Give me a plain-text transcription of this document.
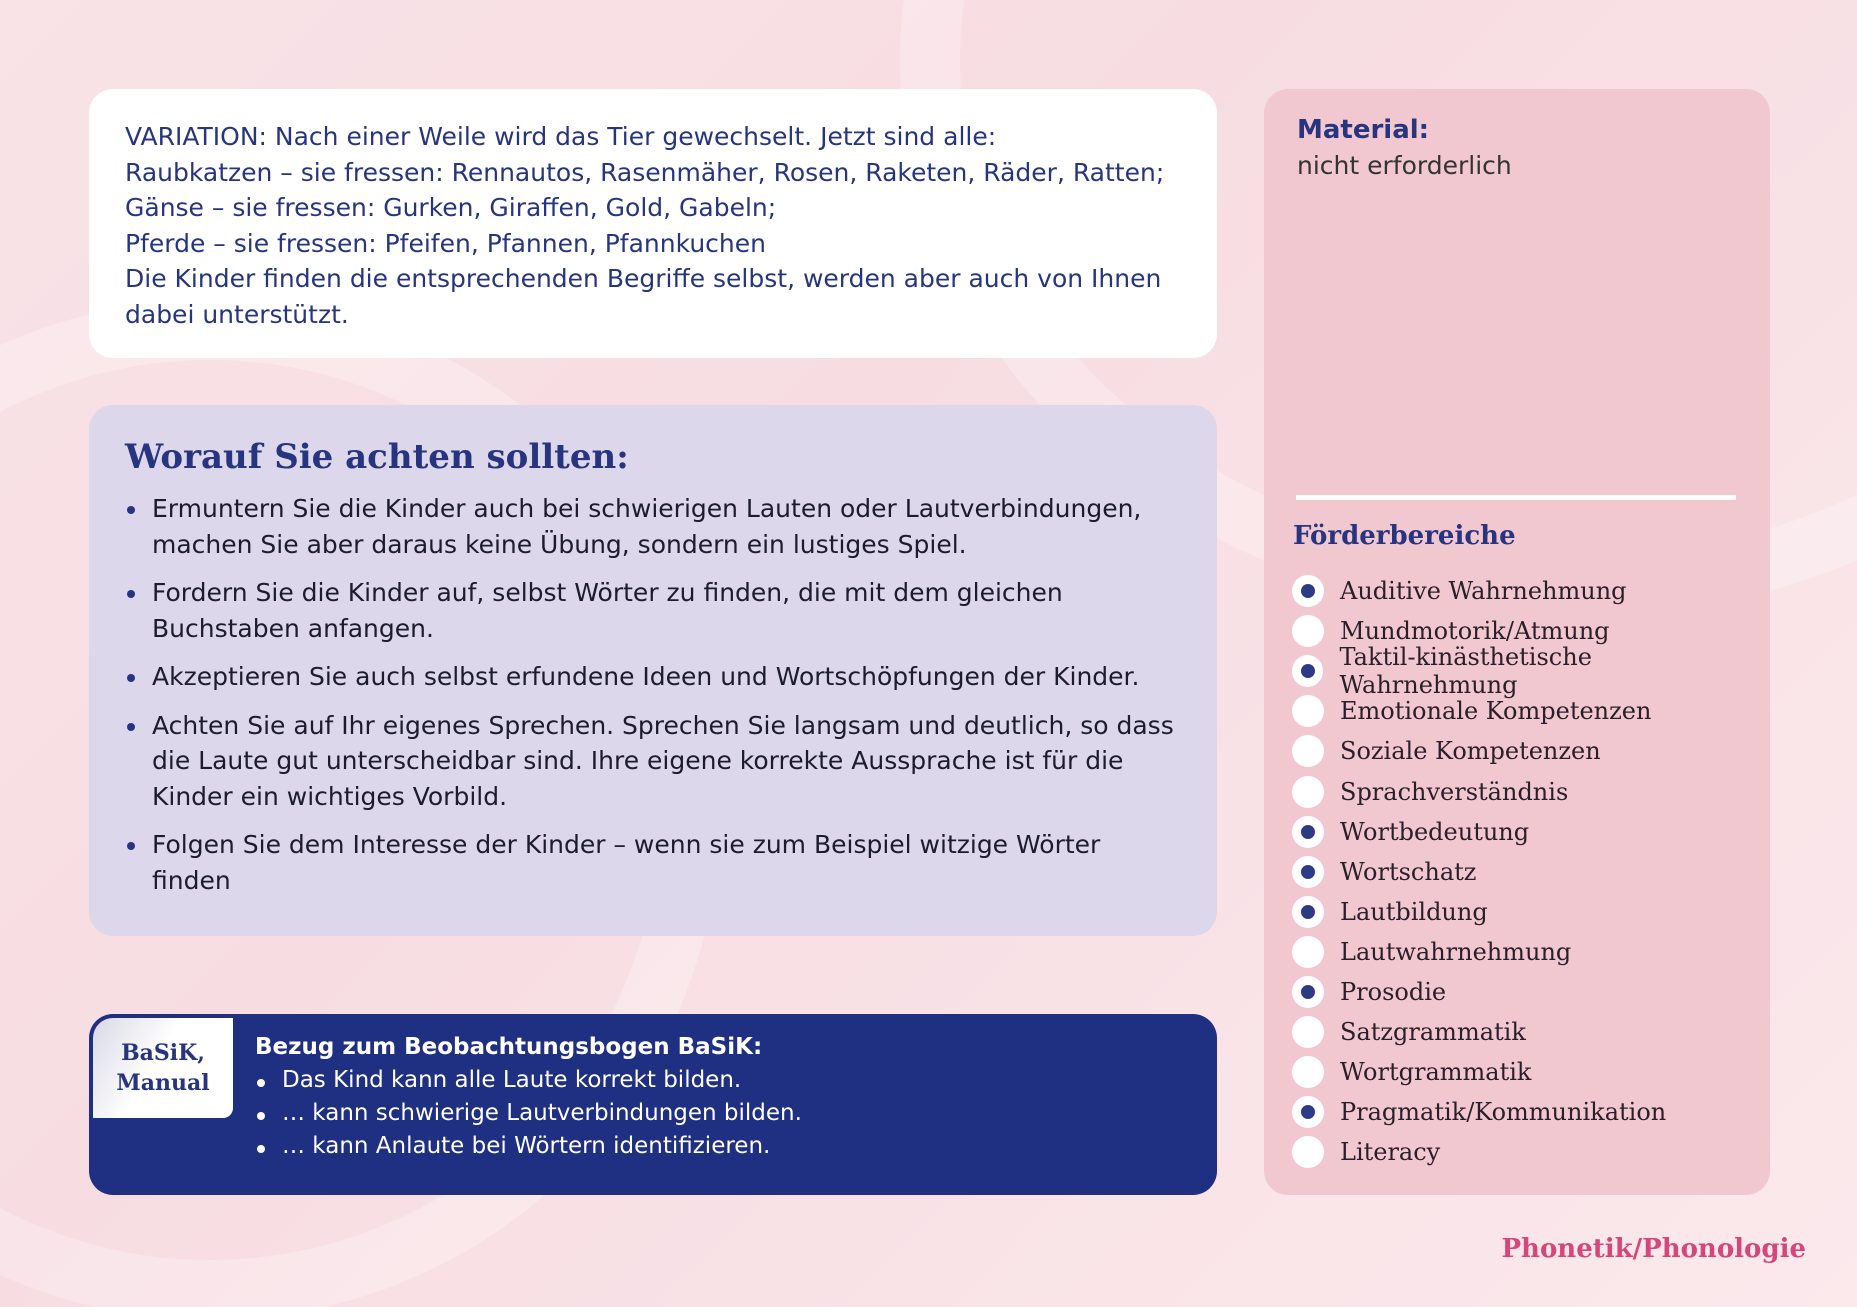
VARIATION: Nach einer Weile wird das Tier gewechselt. Jetzt sind alle:
Raubkatzen – sie fressen: Rennautos, Rasenmäher, Rosen, Raketen, Räder, Ratten;
Gänse – sie fressen: Gurken, Giraffen, Gold, Gabeln;
Pferde – sie fressen: Pfeifen, Pfannen, Pfannkuchen
Die Kinder finden die entsprechenden Begriffe selbst, werden aber auch von Ihnen dabei unterstützt.
Worauf Sie achten sollten:
Ermuntern Sie die Kinder auch bei schwierigen Lauten oder Lautverbindungen, machen Sie aber daraus keine Übung, sondern ein lustiges Spiel.
Fordern Sie die Kinder auf, selbst Wörter zu finden, die mit dem gleichen Buchstaben anfangen.
Akzeptieren Sie auch selbst erfundene Ideen und Wortschöpfungen der Kinder.
Achten Sie auf Ihr eigenes Sprechen. Sprechen Sie langsam und deutlich, so dass die Laute gut unterscheidbar sind. Ihre eigene korrekte Aussprache ist für die Kinder ein wichtiges Vorbild.
Folgen Sie dem Interesse der Kinder – wenn sie zum Beispiel witzige Wörter finden
BaSiK,
Manual
Bezug zum Beobachtungsbogen BaSiK:
Das Kind kann alle Laute korrekt bilden.
… kann schwierige Lautverbindungen bilden.
… kann Anlaute bei Wörtern identifizieren.
Material:
nicht erforderlich
Förderbereiche
Auditive Wahrnehmung
Mundmotorik/Atmung
Taktil-kinästhetische Wahrnehmung
Emotionale Kompetenzen
Soziale Kompetenzen
Sprachverständnis
Wortbedeutung
Wortschatz
Lautbildung
Lautwahrnehmung
Prosodie
Satzgrammatik
Wortgrammatik
Pragmatik/Kommunikation
Literacy
Phonetik/Phonologie
